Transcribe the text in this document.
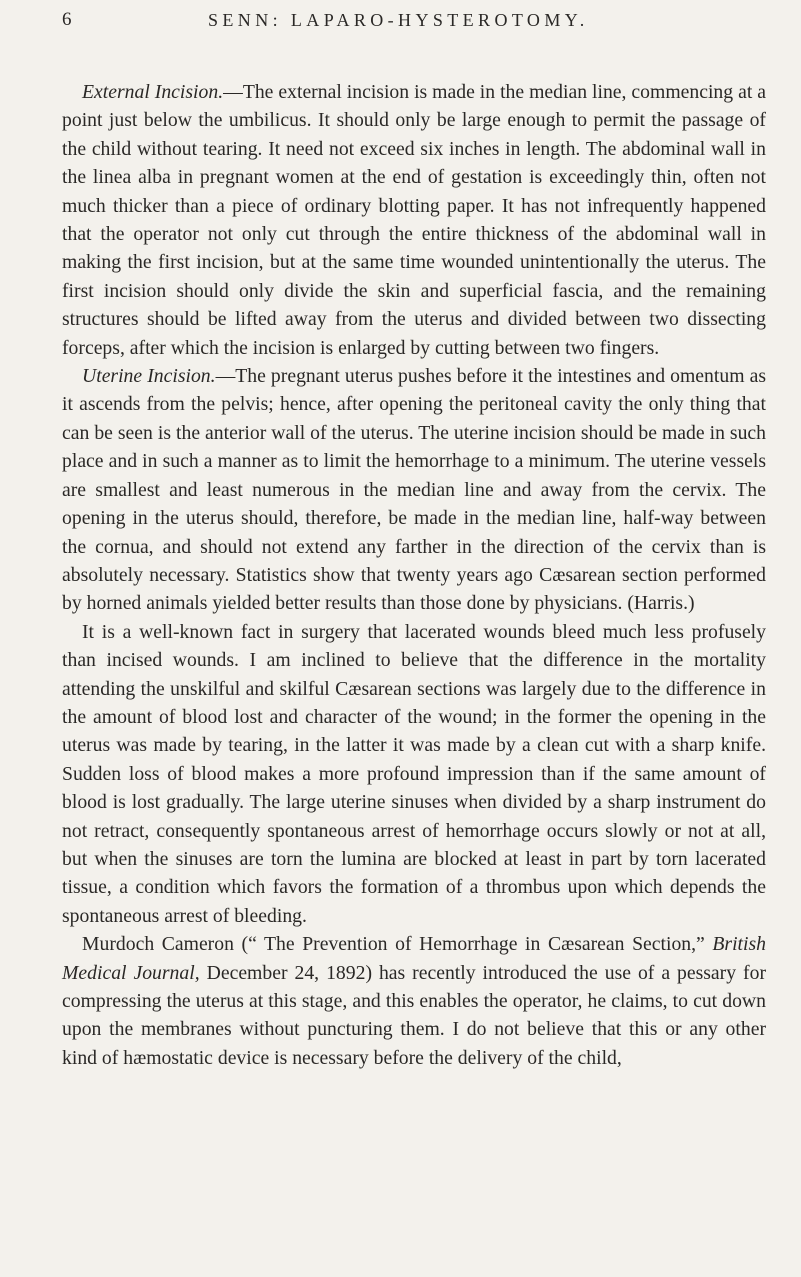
6	SENN: LAPARO-HYSTEROTOMY.

External Incision.—The external incision is made in the median line, commencing at a point just below the umbilicus. It should only be large enough to permit the passage of the child without tearing. It need not exceed six inches in length. The abdominal wall in the linea alba in pregnant women at the end of gestation is exceedingly thin, often not much thicker than a piece of ordinary blotting paper. It has not infrequently happened that the operator not only cut through the entire thickness of the abdominal wall in making the first incision, but at the same time wounded unintentionally the uterus. The first incision should only divide the skin and superficial fascia, and the remaining structures should be lifted away from the uterus and divided between two dissecting forceps, after which the incision is enlarged by cutting between two fingers.

Uterine Incision.—The pregnant uterus pushes before it the intestines and omentum as it ascends from the pelvis; hence, after opening the peritoneal cavity the only thing that can be seen is the anterior wall of the uterus. The uterine incision should be made in such place and in such a manner as to limit the hemorrhage to a minimum. The uterine vessels are smallest and least numerous in the median line and away from the cervix. The opening in the uterus should, therefore, be made in the median line, half-way between the cornua, and should not extend any farther in the direction of the cervix than is absolutely necessary. Statistics show that twenty years ago Cæsarean section performed by horned animals yielded better results than those done by physicians. (Harris.)

It is a well-known fact in surgery that lacerated wounds bleed much less profusely than incised wounds. I am inclined to believe that the difference in the mortality attending the unskilful and skilful Cæsarean sections was largely due to the difference in the amount of blood lost and character of the wound; in the former the opening in the uterus was made by tearing, in the latter it was made by a clean cut with a sharp knife. Sudden loss of blood makes a more profound impression than if the same amount of blood is lost gradually. The large uterine sinuses when divided by a sharp instrument do not retract, consequently spontaneous arrest of hemorrhage occurs slowly or not at all, but when the sinuses are torn the lumina are blocked at least in part by torn lacerated tissue, a condition which favors the formation of a thrombus upon which depends the spontaneous arrest of bleeding.

Murdoch Cameron (“ The Prevention of Hemorrhage in Cæsarean Section,” British Medical Journal, December 24, 1892) has recently introduced the use of a pessary for compressing the uterus at this stage, and this enables the operator, he claims, to cut down upon the membranes without puncturing them. I do not believe that this or any other kind of hæmostatic device is necessary before the delivery of the child,
